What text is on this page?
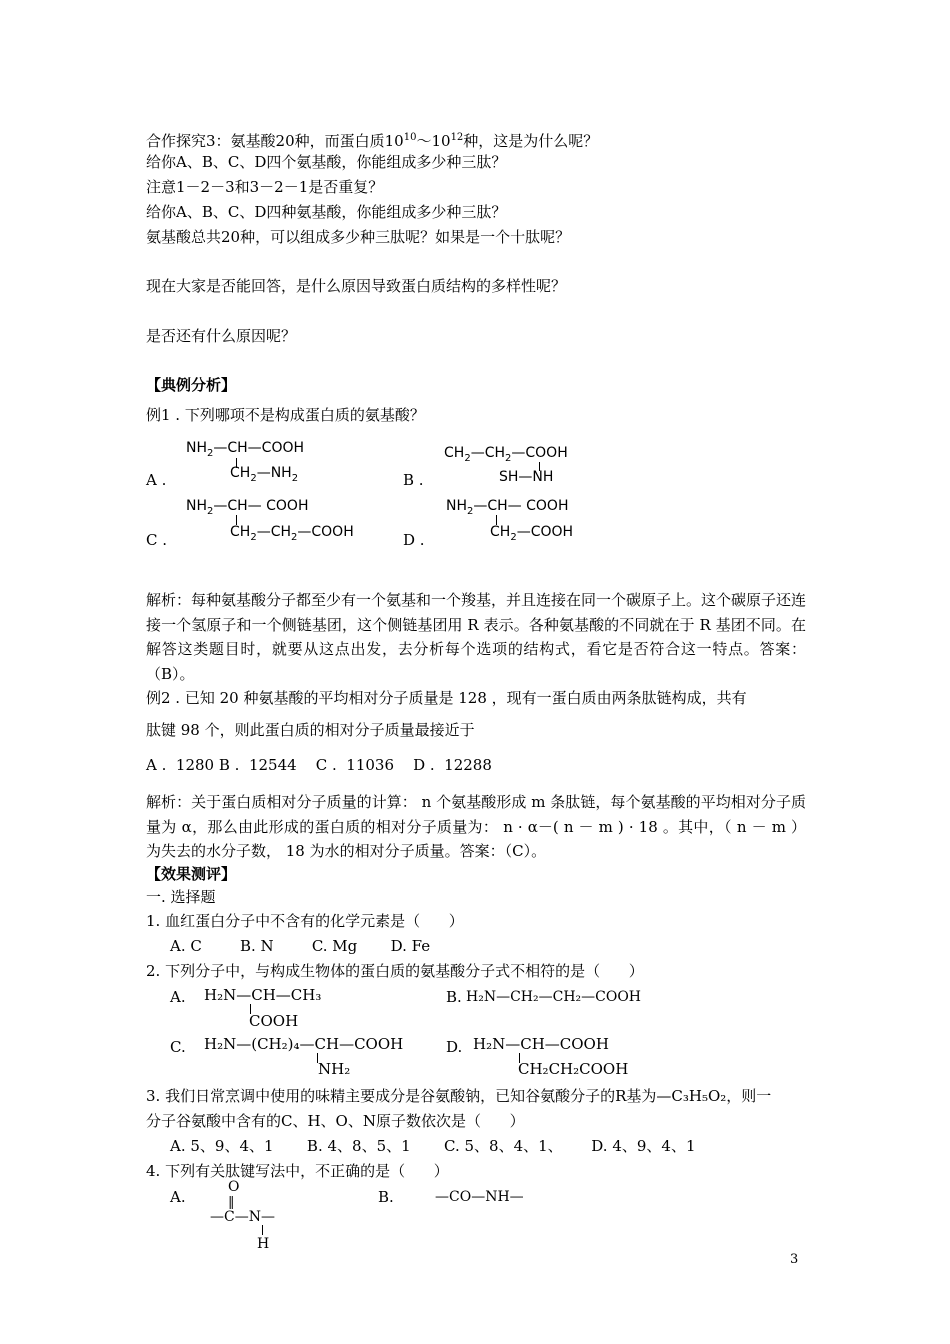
合作探究3：氨基酸20种，而蛋白质$10^{10}\sim 10^{12}$种，这是为什么呢？
给你A、B、C、D四个氨基酸，你能组成多少种三肽？
注意1－2－3和3－2－1是否重复？
给你A、B、C、D四种氨基酸，你能组成多少种三肽？
氨基酸总共20种，可以组成多少种三肽呢？如果是一个十肽呢？
现在大家是否能回答，是什么原因导致蛋白质结构的多样性呢？
是否还有什么原因呢？
【典例分析】
例1 . 下列哪项不是构成蛋白质的氨基酸？
$NH_2—CH—COOH$
$CH_2—NH_2$
A .
$CH_2—CH_2—COOH$
SH—NH
B .
$NH_2—CH—$ COOH
$CH_2—CH_2—COOH$
C .
$NH_2—CH—$ COOH
$CH_2—COOH$
D .
解析：每种氨基酸分子都至少有一个氨基和一个羧基，并且连接在同一个碳原子上。这个碳原子还连接一个氢原子和一个侧链基团，这个侧链基团用 R 表示。各种氨基酸的不同就在于 R 基团不同。在解答这类题目时，就要从这点出发，去分析每个选项的结构式，看它是否符合这一特点。答案：（B）。
例2 . 已知 20 种氨基酸的平均相对分子质量是 128 ，现有一蛋白质由两条肽链构成，共有
肽键 98 个，则此蛋白质的相对分子质量最接近于
A .  1280 B .  12544    C .  11036    D .  12288
解析：关于蛋白质相对分子质量的计算： n 个氨基酸形成 m 条肽链，每个氨基酸的平均相对分子质量为 α，那么由此形成的蛋白质的相对分子质量为： n · α－( n － m ) · 18 。其中，（ n － m ）为失去的水分子数， 18 为水的相对分子质量。答案：（C）。
【效果测评】
一. 选择题
1. 血红蛋白分子中不含有的化学元素是（      ）
A. C        B. N        C. Mg       D. Fe
2. 下列分子中，与构成生物体的蛋白质的氨基酸分子式不相符的是（      ）
A. H₂N—CH—CH₃
COOH
B. H₂N—CH₂—CH₂—COOH
C. H₂N—(CH₂)₄—CH—COOH
NH₂
D. H₂N—CH—COOH
CH₂CH₂COOH
3. 我们日常烹调中使用的味精主要成分是谷氨酸钠，已知谷氨酸分子的R基为—C₃H₅O₂，则一
分子谷氨酸中含有的C、H、O、N原子数依次是（      ）
A. 5、9、4、1       B. 4、8、5、1       C. 5、8、4、1、      D. 4、9、4、1
4. 下列有关肽键写法中，不正确的是（      ）
A.
O
‖
—C—N—
H
B.	—CO—NH—
3
